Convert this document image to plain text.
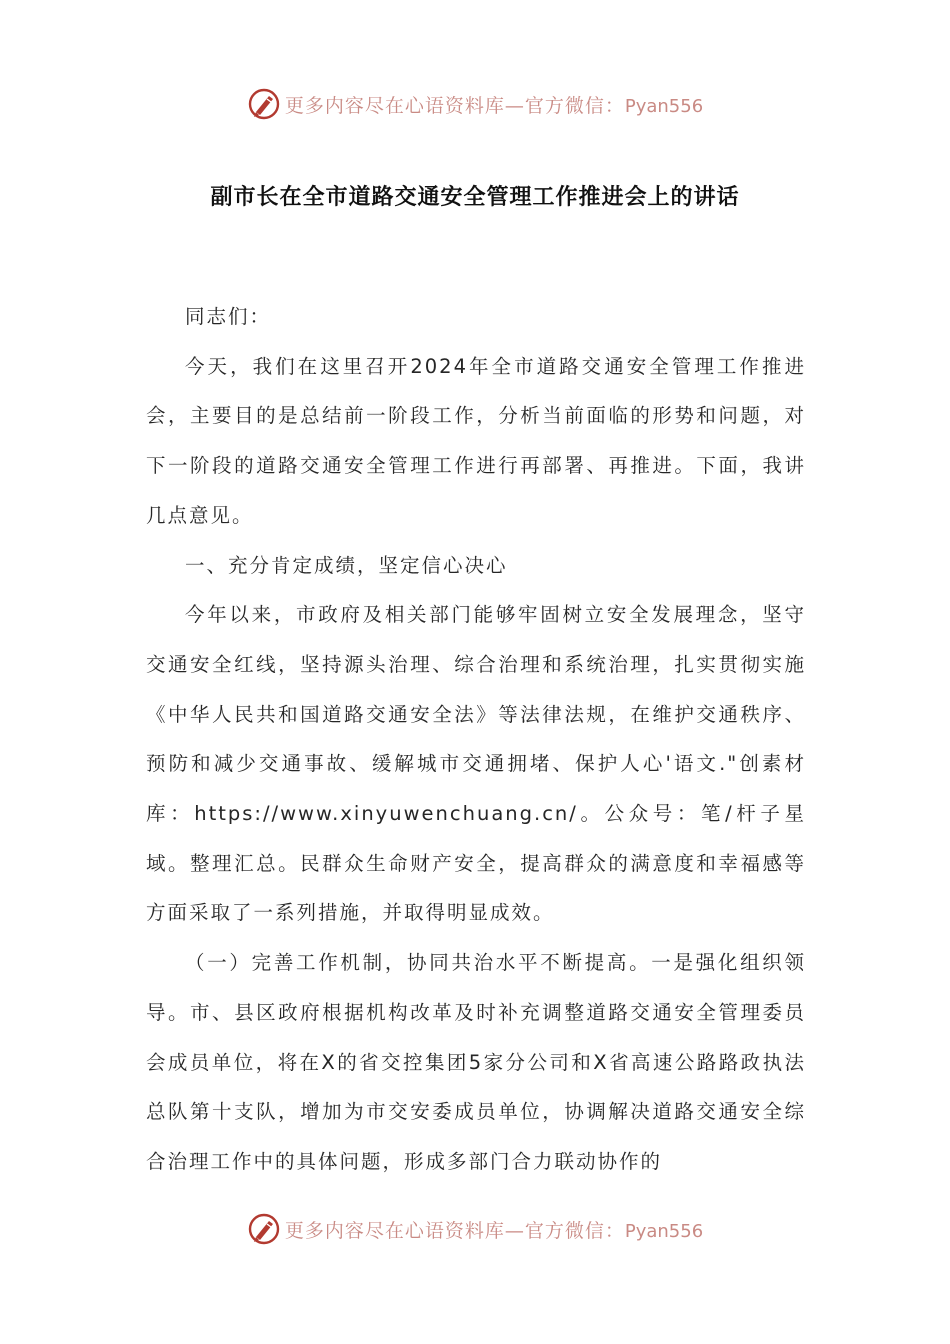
更多内容尽在心语资料库—官方微信：Pyan556
副市长在全市道路交通安全管理工作推进会上的讲话

同志们：

今天，我们在这里召开2024年全市道路交通安全管理工作推进会，主要目的是总结前一阶段工作，分析当前面临的形势和问题，对下一阶段的道路交通安全管理工作进行再部署、再推进。下面，我讲几点意见。

一、充分肯定成绩，坚定信心决心

今年以来，市政府及相关部门能够牢固树立安全发展理念，坚守交通安全红线，坚持源头治理、综合治理和系统治理，扎实贯彻实施《中华人民共和国道路交通安全法》等法律法规，在维护交通秩序、预防和减少交通事故、缓解城市交通拥堵、保护人心'语文."创素材库：https://www.xinyuwenchuang.cn/。公众号：笔/杆子星域。整理汇总。民群众生命财产安全，提高群众的满意度和幸福感等方面采取了一系列措施，并取得明显成效。

（一）完善工作机制，协同共治水平不断提高。一是强化组织领导。市、县区政府根据机构改革及时补充调整道路交通安全管理委员会成员单位，将在X的省交控集团5家分公司和X省高速公路路政执法总队第十支队，增加为市交安委成员单位，协调解决道路交通安全综合治理工作中的具体问题，形成多部门合力联动协作的

更多内容尽在心语资料库—官方微信：Pyan556
